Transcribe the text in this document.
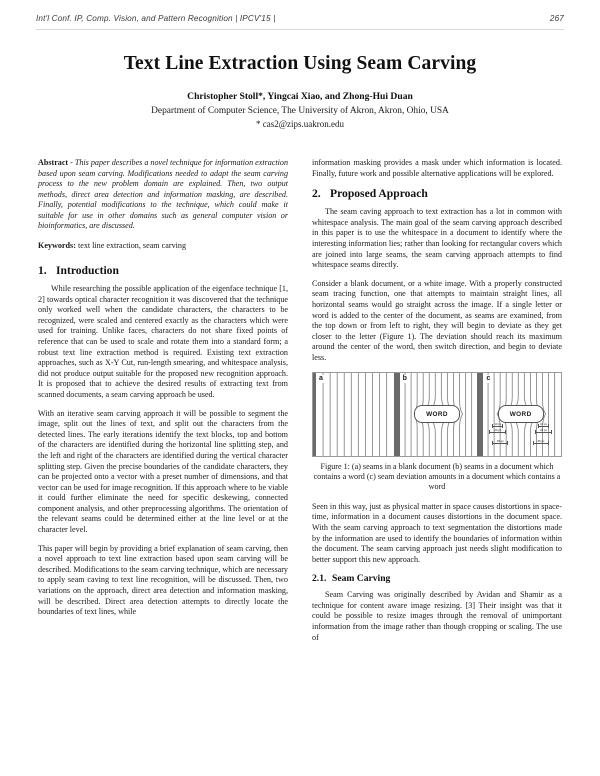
Int'l Conf. IP, Comp. Vision, and Pattern Recognition | IPCV'15 |	267
Text Line Extraction Using Seam Carving

Christopher Stoll*, Yingcai Xiao, and Zhong-Hui Duan

Department of Computer Science, The University of Akron, Akron, Ohio, USA

* cas2@zips.uakron.edu

Abstract - This paper describes a novel technique for information extraction based upon seam carving. Modifications needed to adapt the seam carving process to the new problem domain are explained. Then, two output methods, direct area detection and information masking, are described. Finally, potential modifications to the technique, which could make it suitable for use in other domains such as general computer vision or bioinformatics, are discussed.

Keywords: text line extraction, seam carving

1. Introduction

While researching the possible application of the eigenface technique [1, 2] towards optical character recognition it was discovered that the technique only worked well when the candidate characters, the characters to be recognized, were scaled and centered exactly as the characters which were used for training. Unlike faces, characters do not share fixed points of reference that can be used to scale and rotate them into a standard form; a robust text line extraction method is required. Existing text extraction approaches, such as X-Y Cut, run-length smearing, and whitespace analysis, did not produce output suitable for the proposed new recognition approach. It is proposed that to achieve the desired results of extracting text from scanned documents, a seam carving approach be used.

With an iterative seam carving approach it will be possible to segment the image, split out the lines of text, and split out the characters from the detected lines. The early iterations identify the text blocks, top and bottom of the characters are identified during the horizontal line splitting step, and the left and right of the characters are identified during the vertical character splitting step. Given the precise boundaries of the candidate characters, they can be projected onto a vector with a preset number of dimensions, and that vector can be used for image recognition. If this approach where to be viable it could further eliminate the need for specific deskewing, connected component analysis, and other preprocessing algorithms. The orientation of the relevant seams could be determined either at the line level or at the character level.

This paper will begin by providing a brief explanation of seam carving, then a novel approach to text line extraction based upon seam carving will be described. Modifications to the seam carving technique, which are necessary to apply seam caving to text line recognition, will be discussed. Then, two variations on the approach, direct area detection and information masking, will be described. Direct area detection attempts to directly locate the boundaries of text lines, while

information masking provides a mask under which information is located. Finally, future work and possible alternative applications will be explored.

2. Proposed Approach

The seam caving approach to text extraction has a lot in common with whitespace analysis. The main goal of the seam carving approach described in this paper is to use the whitespace in a document to identify where the interesting information lies; rather than looking for rectangular covers which are joined into large seams, the seam carving approach attempts to find whitespace seams directly.

Consider a blank document, or a white image. With a properly constructed seam tracing function, one that attempts to maintain straight lines, all horizontal seams would go straight across the image. If a single letter or word is added to the center of the document, as seams are examined, from the top down or from left to right, they will begin to deviate as they get closer to the letter (Figure 1). The deviation should reach its maximum around the center of the word, then switch direction, and begin to deviate less.

a	b
WORD
c
WORD
10 px
20 px
65 px
10 px
20 px
65 px
Figure 1: (a) seams in a blank document (b) seams in a document which contains a word (c) seam deviation amounts in a document which contains a word

Seen in this way, just as physical matter in space causes distortions in space-time, information in a document causes distortions in the document space. With the seam carving approach to text segmentation the distortions made by the information are used to identify the boundaries of information within the document. The seam carving approach just needs slight modification to better support this new approach.

2.1. Seam Carving

Seam Carving was originally described by Avidan and Shamir as a technique for content aware image resizing. [3] Their insight was that it could be possible to resize images through the removal of unimportant information from the image rather than though cropping or scaling. The use of
